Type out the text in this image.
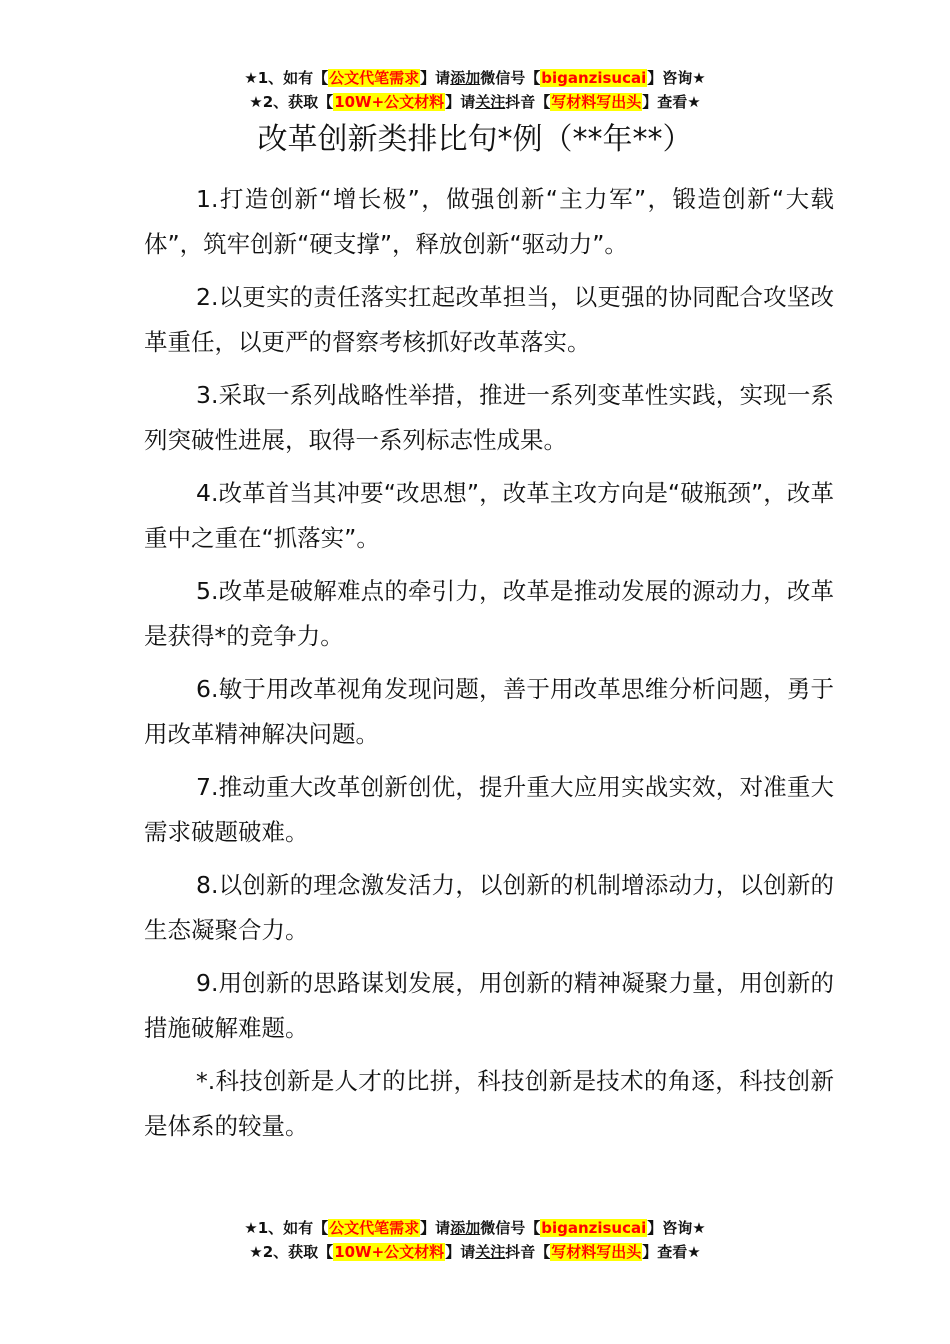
★1、如有【公文代笔需求】请添加微信号【biganzisucai】咨询★
★2、获取【10W+公文材料】请关注抖音【写材料写出头】查看★
改革创新类排比句*例（**年**）

1.打造创新“增长极”，做强创新“主力军”，锻造创新“大载体”，筑牢创新“硬支撑”，释放创新“驱动力”。

2.以更实的责任落实扛起改革担当，以更强的协同配合攻坚改革重任，以更严的督察考核抓好改革落实。

3.采取一系列战略性举措，推进一系列变革性实践，实现一系列突破性进展，取得一系列标志性成果。

4.改革首当其冲要“改思想”，改革主攻方向是“破瓶颈”，改革重中之重在“抓落实”。

5.改革是破解难点的牵引力，改革是推动发展的源动力，改革是获得*的竞争力。

6.敏于用改革视角发现问题，善于用改革思维分析问题，勇于用改革精神解决问题。

7.推动重大改革创新创优，提升重大应用实战实效，对准重大需求破题破难。

8.以创新的理念激发活力，以创新的机制增添动力，以创新的生态凝聚合力。

9.用创新的思路谋划发展，用创新的精神凝聚力量，用创新的措施破解难题。

*.科技创新是人才的比拼，科技创新是技术的角逐，科技创新是体系的较量。

★1、如有【公文代笔需求】请添加微信号【biganzisucai】咨询★
★2、获取【10W+公文材料】请关注抖音【写材料写出头】查看★
